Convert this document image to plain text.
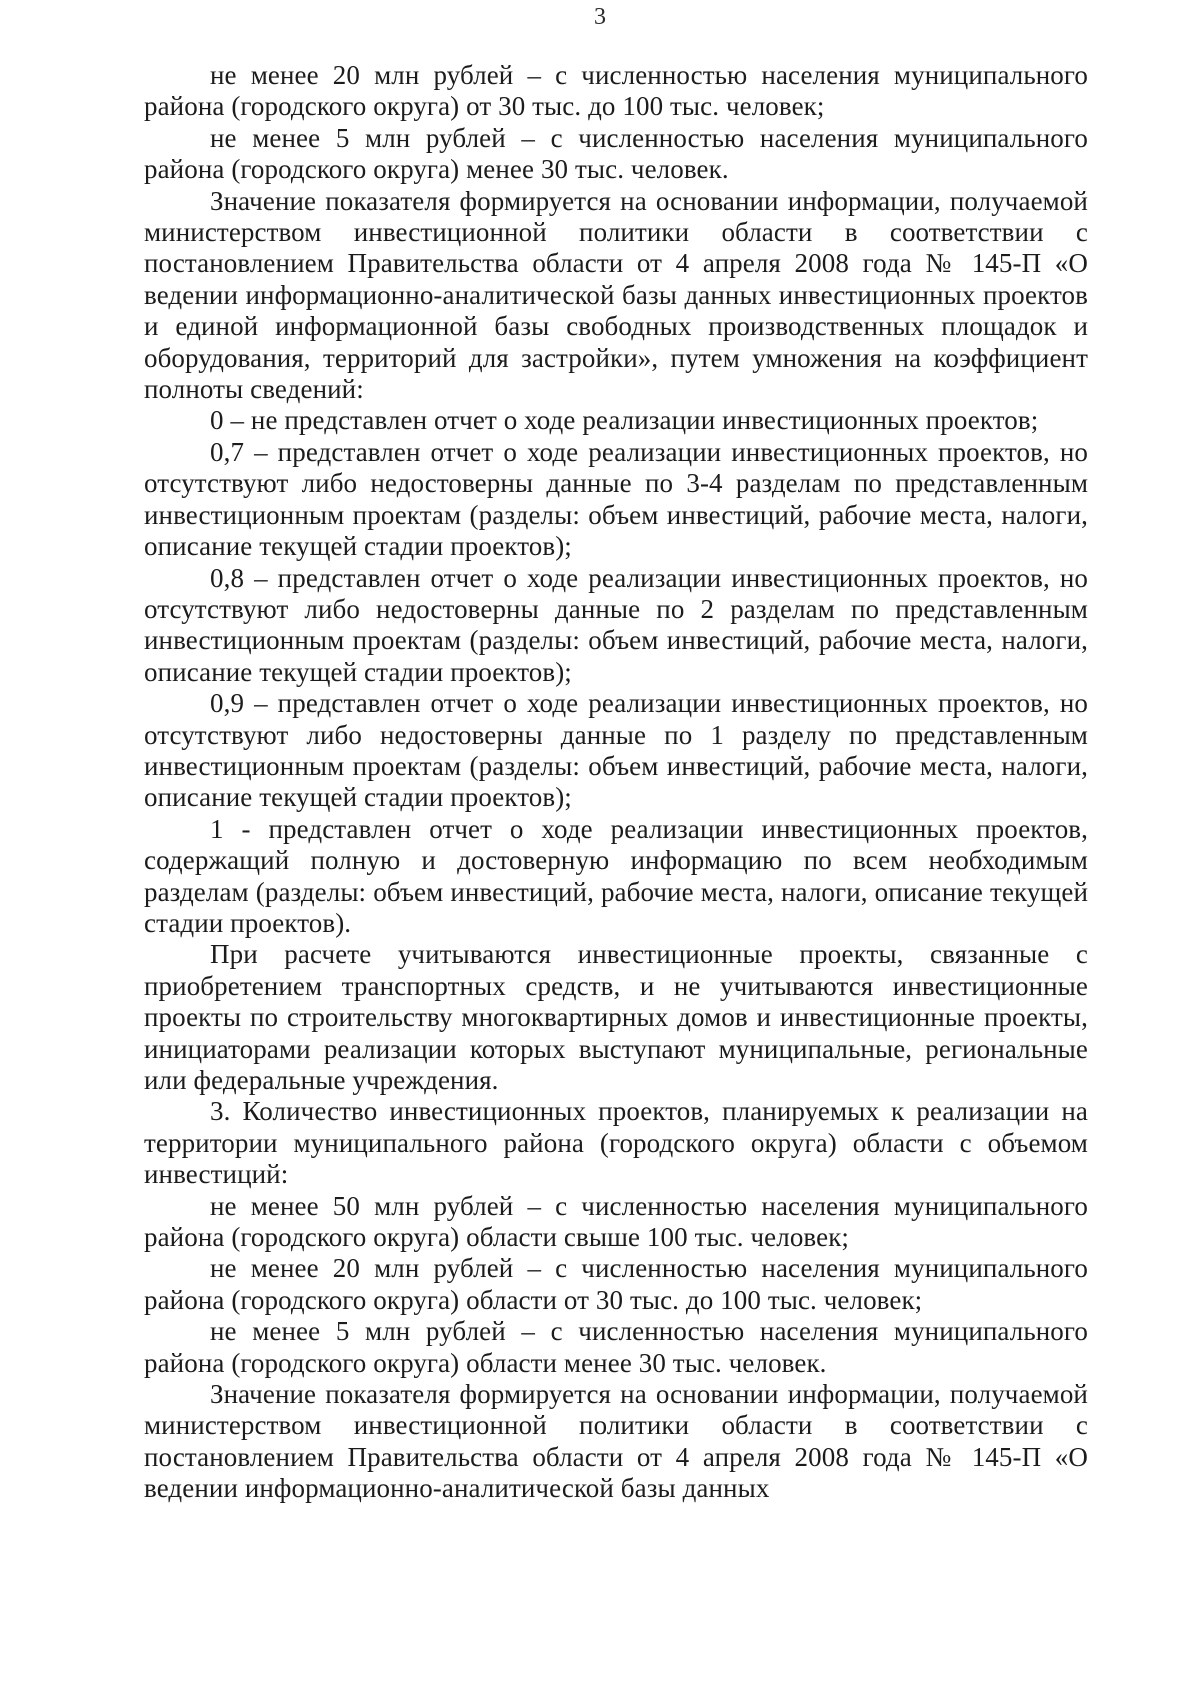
3

не менее 20 млн рублей – с численностью населения муниципального района (городского округа) от 30 тыс. до 100 тыс. человек;

не менее 5 млн рублей – с численностью населения муниципального района (городского округа) менее 30 тыс. человек.

Значение показателя формируется на основании информации, получаемой министерством инвестиционной политики области в соответствии с постановлением Правительства области от 4 апреля 2008 года № 145-П «О ведении информационно-аналитической базы данных инвестиционных проектов и единой информационной базы свободных производственных площадок и оборудования, территорий для застройки», путем умножения на коэффициент полноты сведений:

0 – не представлен отчет о ходе реализации инвестиционных проектов;

0,7 – представлен отчет о ходе реализации инвестиционных проектов, но отсутствуют либо недостоверны данные по 3-4 разделам по представленным инвестиционным проектам (разделы: объем инвестиций, рабочие места, налоги, описание текущей стадии проектов);

0,8 – представлен отчет о ходе реализации инвестиционных проектов, но отсутствуют либо недостоверны данные по 2 разделам по представленным инвестиционным проектам (разделы: объем инвестиций, рабочие места, налоги, описание текущей стадии проектов);

0,9 – представлен отчет о ходе реализации инвестиционных проектов, но отсутствуют либо недостоверны данные по 1 разделу по представленным инвестиционным проектам (разделы: объем инвестиций, рабочие места, налоги, описание текущей стадии проектов);

1 - представлен отчет о ходе реализации инвестиционных проектов, содержащий полную и достоверную информацию по всем необходимым разделам (разделы: объем инвестиций, рабочие места, налоги, описание текущей стадии проектов).

При расчете учитываются инвестиционные проекты, связанные с приобретением транспортных средств, и не учитываются инвестиционные проекты по строительству многоквартирных домов и инвестиционные проекты, инициаторами реализации которых выступают муниципальные, региональные или федеральные учреждения.

3. Количество инвестиционных проектов, планируемых к реализации на территории муниципального района (городского округа) области с объемом инвестиций:

не менее 50 млн рублей – с численностью населения муниципального района (городского округа) области свыше 100 тыс. человек;

не менее 20 млн рублей – с численностью населения муниципального района (городского округа) области от 30 тыс. до 100 тыс. человек;

не менее 5 млн рублей – с численностью населения муниципального района (городского округа) области менее 30 тыс. человек.

Значение показателя формируется на основании информации, получаемой министерством инвестиционной политики области в соответствии с постановлением Правительства области от 4 апреля 2008 года № 145-П «О ведении информационно-аналитической базы данных
